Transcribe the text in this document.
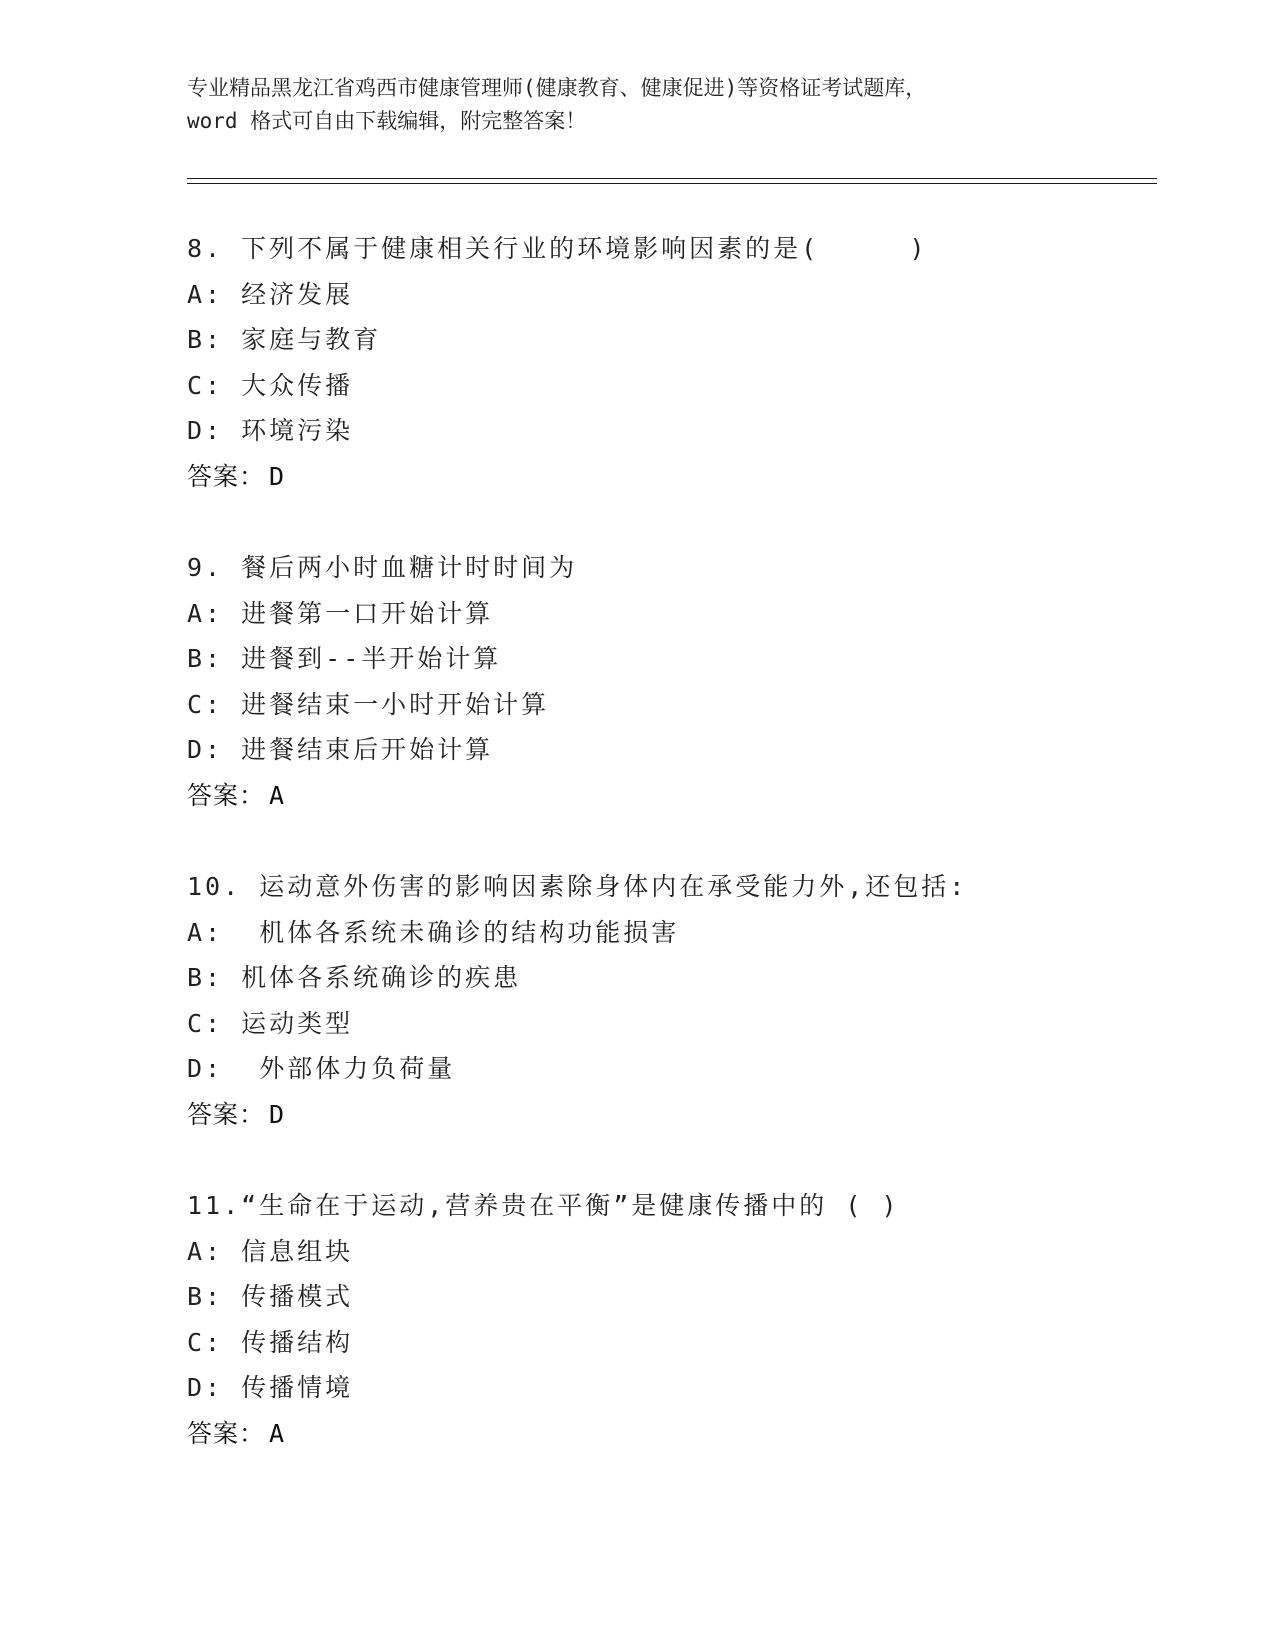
专业精品黑龙江省鸡西市健康管理师(健康教育、健康促进)等资格证考试题库，
word 格式可自由下载编辑，附完整答案！
8. 下列不属于健康相关行业的环境影响因素的是(     )
A: 经济发展
B: 家庭与教育
C: 大众传播
D: 环境污染
答案： D
9. 餐后两小时血糖计时时间为
A: 进餐第一口开始计算
B: 进餐到--半开始计算
C: 进餐结束一小时开始计算
D: 进餐结束后开始计算
答案： A
10. 运动意外伤害的影响因素除身体内在承受能力外,还包括:
A:  机体各系统未确诊的结构功能损害
B: 机体各系统确诊的疾患
C: 运动类型
D:  外部体力负荷量
答案： D
11.“生命在于运动,营养贵在平衡”是健康传播中的 ( )
A: 信息组块
B: 传播模式
C: 传播结构
D: 传播情境
答案： A
